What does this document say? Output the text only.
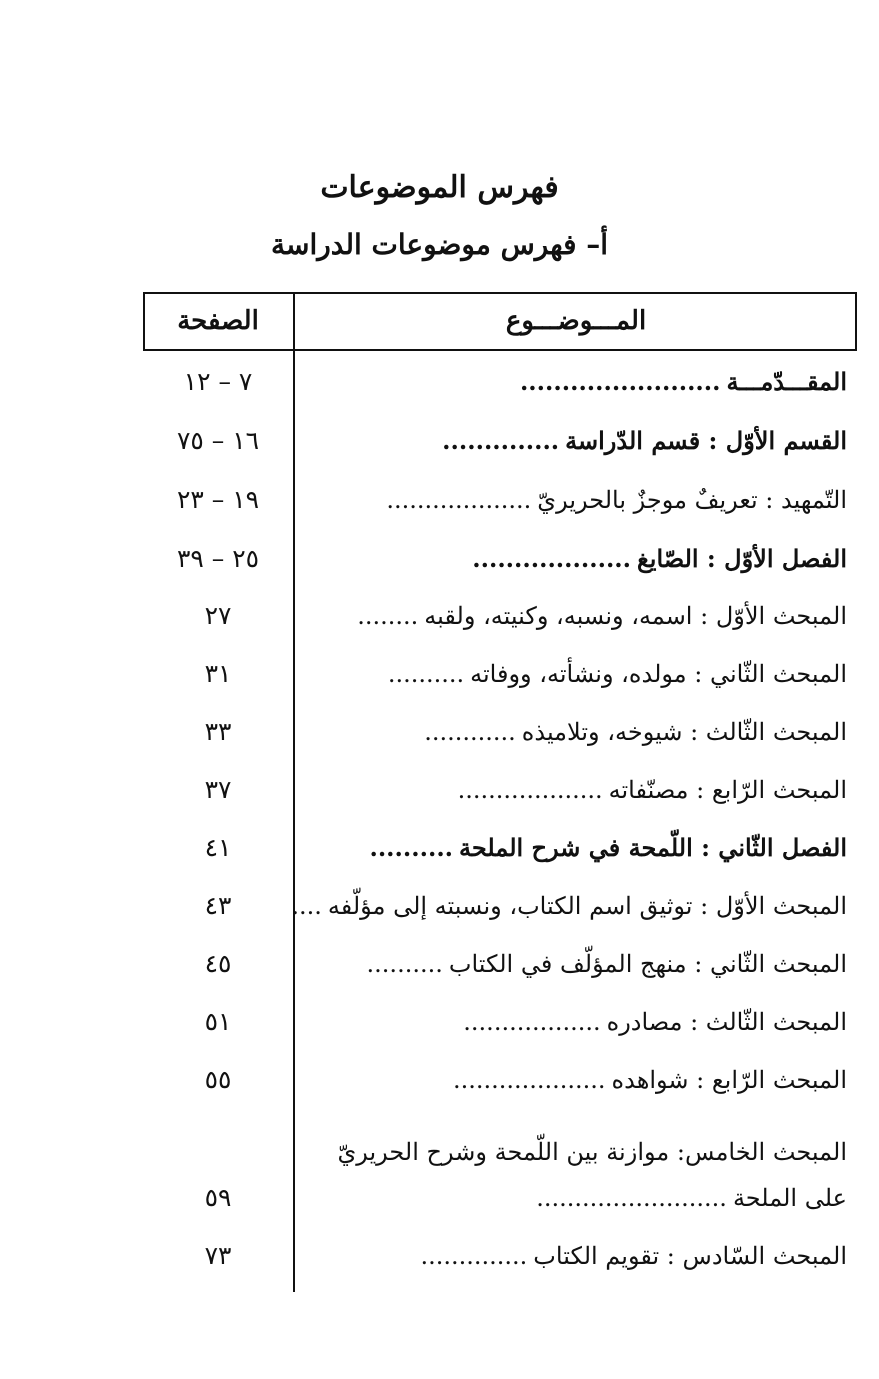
فهرس الموضوعات
أ– فهرس موضوعات الدراسة
المـــوضـــوع
الصفحة
المقـــدّمـــة........................
٧ – ١٢
القسم الأوّل : قسم الدّراسة..............
١٦ – ٧٥
التّمهيد : تعريفٌ موجزٌ بالحريريّ...................
١٩ – ٢٣
الفصل الأوّل : الصّايغ...................
٢٥ – ٣٩
المبحث الأوّل : اسمه، ونسبه، وكنيته، ولقبه........
٢٧
المبحث الثّاني : مولده، ونشأته، ووفاته..........
٣١
المبحث الثّالث : شيوخه، وتلاميذه............
٣٣
المبحث الرّابع : مصنّفاته...................
٣٧
الفصل الثّاني : اللّمحة في شرح الملحة..........
٤١
المبحث الأوّل : توثيق اسم الكتاب، ونسبته إلى مؤلّفه....
٤٣
المبحث الثّاني : منهج المؤلّف في الكتاب..........
٤٥
المبحث الثّالث : مصادره..................
٥١
المبحث الرّابع : شواهده....................
٥٥
المبحث الخامس: موازنة بين اللّمحة وشرح الحريريّ
على الملحة.........................
٥٩
المبحث السّادس : تقويم الكتاب..............
٧٣
